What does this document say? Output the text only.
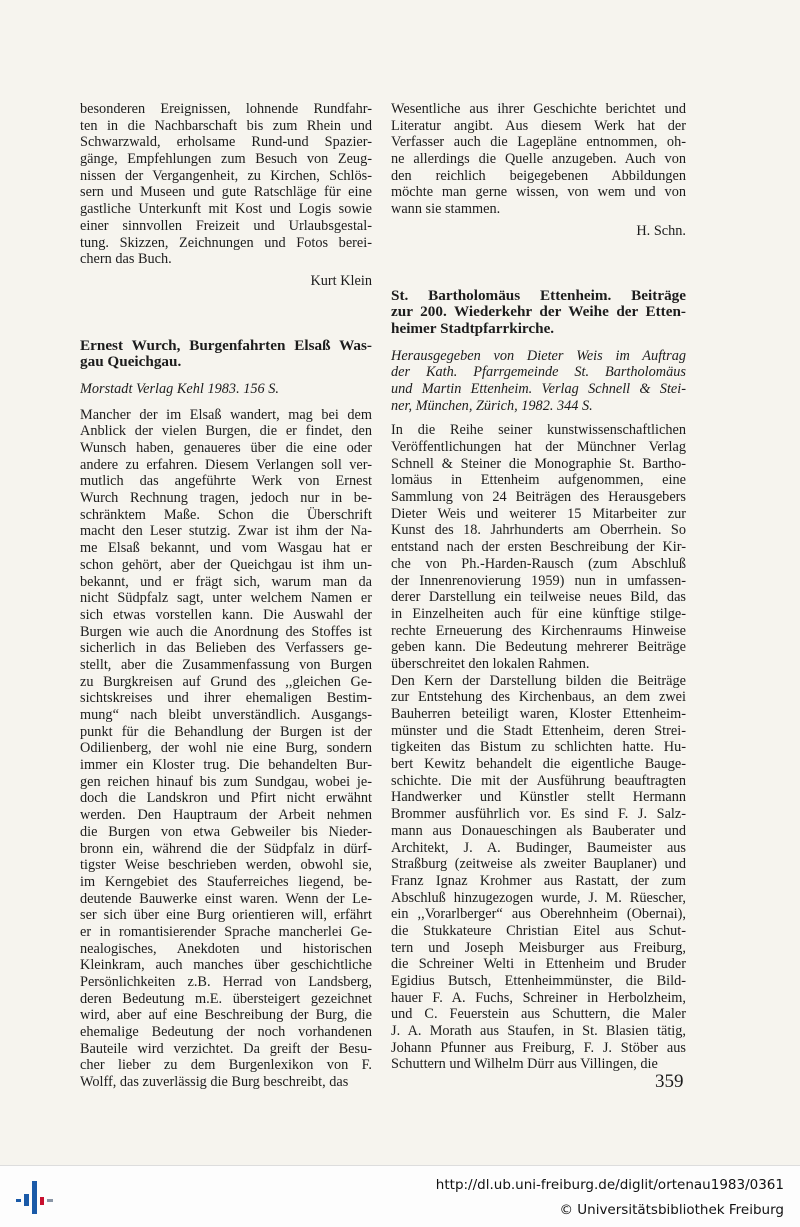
besonderen Ereignissen, lohnende Rundfahr-
ten in die Nachbarschaft bis zum Rhein und
Schwarzwald, erholsame Rund-und Spazier-
gänge, Empfehlungen zum Besuch von Zeug-
nissen der Vergangenheit, zu Kirchen, Schlös-
sern und Museen und gute Ratschläge für eine
gastliche Unterkunft mit Kost und Logis sowie
einer sinnvollen Freizeit und Urlaubsgestal-
tung. Skizzen, Zeichnungen und Fotos berei-
chern das Buch.
Kurt Klein
Ernest Wurch, Burgenfahrten Elsaß Was-
gau Queichgau.
Morstadt Verlag Kehl 1983. 156 S.
Mancher der im Elsaß wandert, mag bei dem
Anblick der vielen Burgen, die er findet, den
Wunsch haben, genaueres über die eine oder
andere zu erfahren. Diesem Verlangen soll ver-
mutlich das angeführte Werk von Ernest
Wurch Rechnung tragen, jedoch nur in be-
schränktem Maße. Schon die Überschrift
macht den Leser stutzig. Zwar ist ihm der Na-
me Elsaß bekannt, und vom Wasgau hat er
schon gehört, aber der Queichgau ist ihm un-
bekannt, und er frägt sich, warum man da
nicht Südpfalz sagt, unter welchem Namen er
sich etwas vorstellen kann. Die Auswahl der
Burgen wie auch die Anordnung des Stoffes ist
sicherlich in das Belieben des Verfassers ge-
stellt, aber die Zusammenfassung von Burgen
zu Burgkreisen auf Grund des ,,gleichen Ge-
sichtskreises und ihrer ehemaligen Bestim-
mung“ nach bleibt unverständlich. Ausgangs-
punkt für die Behandlung der Burgen ist der
Odilienberg, der wohl nie eine Burg, sondern
immer ein Kloster trug. Die behandelten Bur-
gen reichen hinauf bis zum Sundgau, wobei je-
doch die Landskron und Pfirt nicht erwähnt
werden. Den Hauptraum der Arbeit nehmen
die Burgen von etwa Gebweiler bis Nieder-
bronn ein, während die der Südpfalz in dürf-
tigster Weise beschrieben werden, obwohl sie,
im Kerngebiet des Stauferreiches liegend, be-
deutende Bauwerke einst waren. Wenn der Le-
ser sich über eine Burg orientieren will, erfährt
er in romantisierender Sprache mancherlei Ge-
nealogisches, Anekdoten und historischen
Kleinkram, auch manches über geschichtliche
Persönlichkeiten z.B. Herrad von Landsberg,
deren Bedeutung m.E. übersteigert gezeichnet
wird, aber auf eine Beschreibung der Burg, die
ehemalige Bedeutung der noch vorhandenen
Bauteile wird verzichtet. Da greift der Besu-
cher lieber zu dem Burgenlexikon von F.
Wolff, das zuverlässig die Burg beschreibt, das
Wesentliche aus ihrer Geschichte berichtet und
Literatur angibt. Aus diesem Werk hat der
Verfasser auch die Lagepläne entnommen, oh-
ne allerdings die Quelle anzugeben. Auch von
den reichlich beigegebenen Abbildungen
möchte man gerne wissen, von wem und von
wann sie stammen.
H. Schn.
St. Bartholomäus Ettenheim. Beiträge
zur 200. Wiederkehr der Weihe der Etten-
heimer Stadtpfarrkirche.
Herausgegeben von Dieter Weis im Auftrag
der Kath. Pfarrgemeinde St. Bartholomäus
und Martin Ettenheim. Verlag Schnell & Stei-
ner, München, Zürich, 1982. 344 S.
In die Reihe seiner kunstwissenschaftlichen
Veröffentlichungen hat der Münchner Verlag
Schnell & Steiner die Monographie St. Bartho-
lomäus in Ettenheim aufgenommen, eine
Sammlung von 24 Beiträgen des Herausgebers
Dieter Weis und weiterer 15 Mitarbeiter zur
Kunst des 18. Jahrhunderts am Oberrhein. So
entstand nach der ersten Beschreibung der Kir-
che von Ph.-Harden-Rausch (zum Abschluß
der Innenrenovierung 1959) nun in umfassen-
derer Darstellung ein teilweise neues Bild, das
in Einzelheiten auch für eine künftige stilge-
rechte Erneuerung des Kirchenraums Hinweise
geben kann. Die Bedeutung mehrerer Beiträge
überschreitet den lokalen Rahmen.
Den Kern der Darstellung bilden die Beiträge
zur Entstehung des Kirchenbaus, an dem zwei
Bauherren beteiligt waren, Kloster Ettenheim-
münster und die Stadt Ettenheim, deren Strei-
tigkeiten das Bistum zu schlichten hatte. Hu-
bert Kewitz behandelt die eigentliche Bauge-
schichte. Die mit der Ausführung beauftragten
Handwerker und Künstler stellt Hermann
Brommer ausführlich vor. Es sind F. J. Salz-
mann aus Donaueschingen als Bauberater und
Architekt, J. A. Budinger, Baumeister aus
Straßburg (zeitweise als zweiter Bauplaner) und
Franz Ignaz Krohmer aus Rastatt, der zum
Abschluß hinzugezogen wurde, J. M. Rüescher,
ein ,,Vorarlberger“ aus Oberehnheim (Obernai),
die Stukkateure Christian Eitel aus Schut-
tern und Joseph Meisburger aus Freiburg,
die Schreiner Welti in Ettenheim und Bruder
Egidius Butsch, Ettenheimmünster, die Bild-
hauer F. A. Fuchs, Schreiner in Herbolzheim,
und C. Feuerstein aus Schuttern, die Maler
J. A. Morath aus Staufen, in St. Blasien tätig,
Johann Pfunner aus Freiburg, F. J. Stöber aus
Schuttern und Wilhelm Dürr aus Villingen, die
359
http://dl.ub.uni-freiburg.de/diglit/ortenau1983/0361
© Universitätsbibliothek Freiburg
